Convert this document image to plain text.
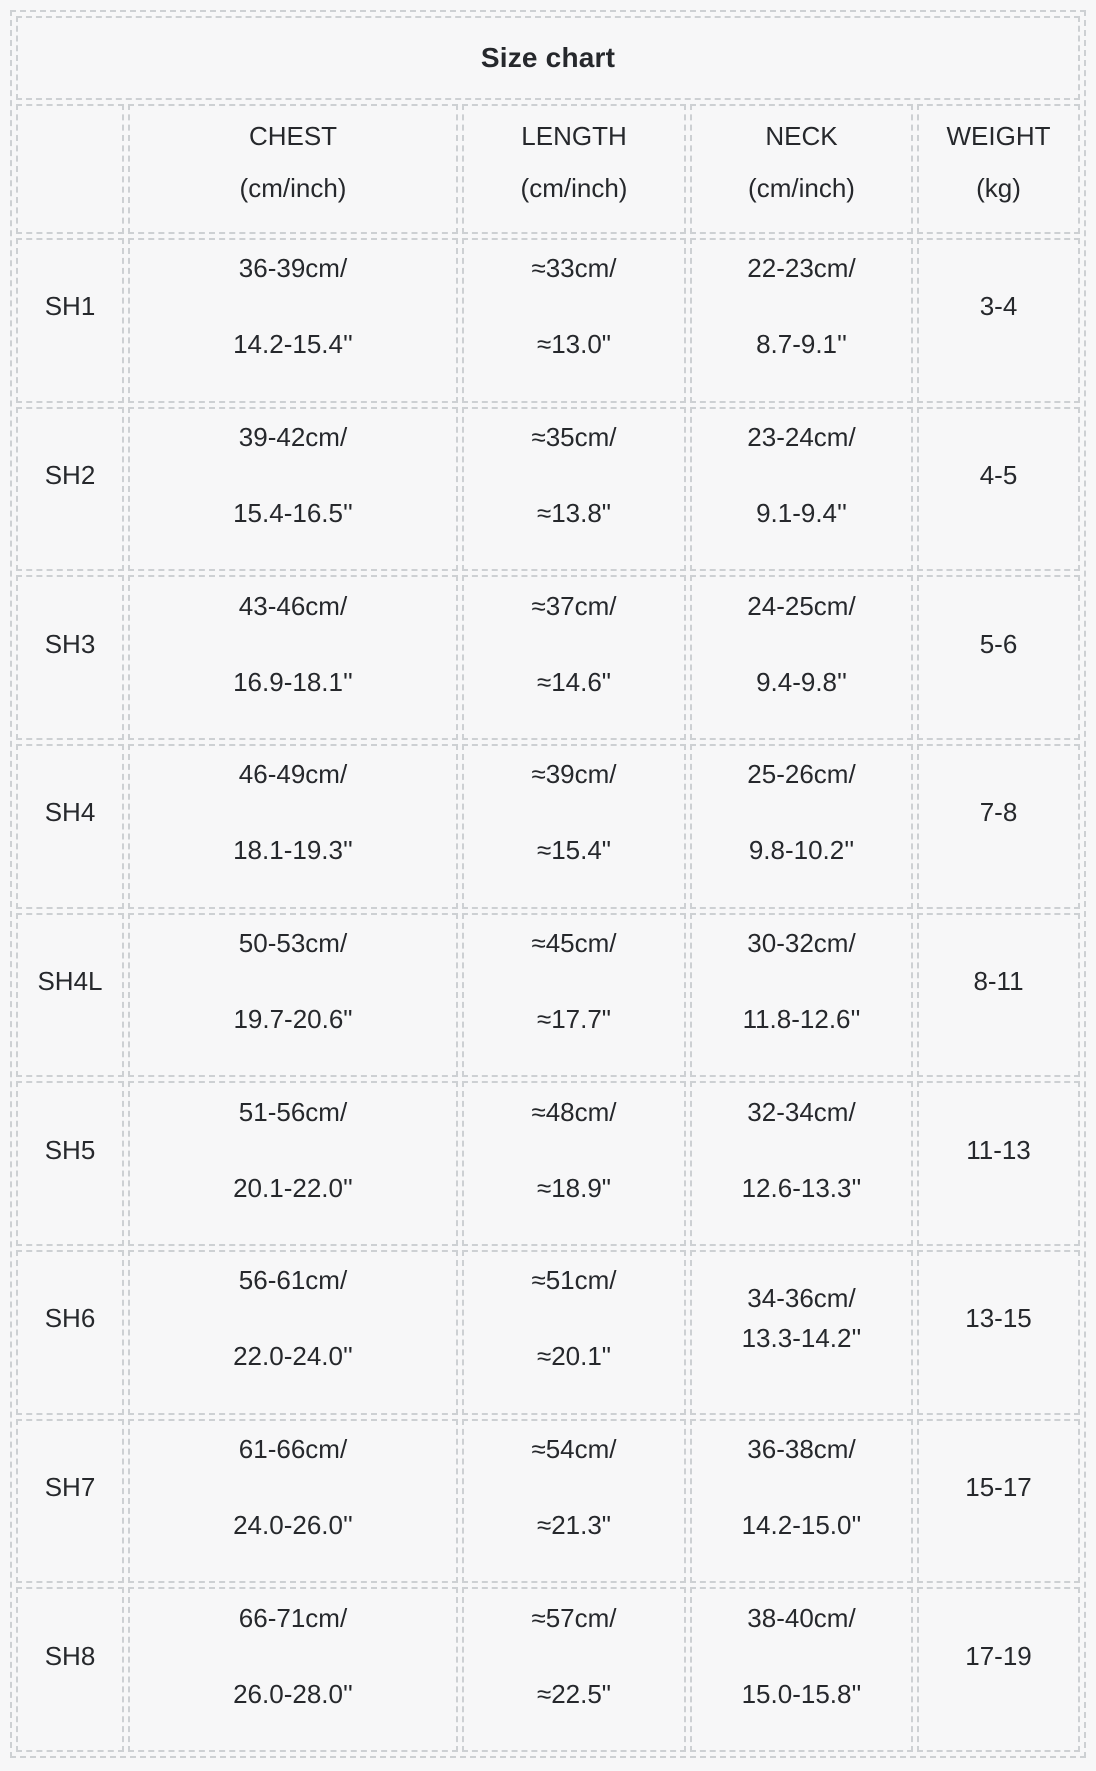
Size chart
CHEST
(cm/inch)
LENGTH
(cm/inch)
NECK
(cm/inch)
WEIGHT
(kg)
SH1
36-39cm/
14.2-15.4''
≈33cm/
≈13.0"
22-23cm/
8.7-9.1''
3-4
SH2
39-42cm/
15.4-16.5''
≈35cm/
≈13.8"
23-24cm/
9.1-9.4''
4-5
SH3
43-46cm/
16.9-18.1''
≈37cm/
≈14.6"
24-25cm/
9.4-9.8''
5-6
SH4
46-49cm/
18.1-19.3''
≈39cm/
≈15.4"
25-26cm/
9.8-10.2''
7-8
SH4L
50-53cm/
19.7-20.6"
≈45cm/
≈17.7"
30-32cm/
11.8-12.6''
8-11
SH5
51-56cm/
20.1-22.0''
≈48cm/
≈18.9"
32-34cm/
12.6-13.3''
11-13
SH6
56-61cm/
22.0-24.0''
≈51cm/
≈20.1"
34-36cm/
13.3-14.2''
13-15
SH7
61-66cm/
24.0-26.0''
≈54cm/
≈21.3"
36-38cm/
14.2-15.0''
15-17
SH8
66-71cm/
26.0-28.0''
≈57cm/
≈22.5"
38-40cm/
15.0-15.8''
17-19
